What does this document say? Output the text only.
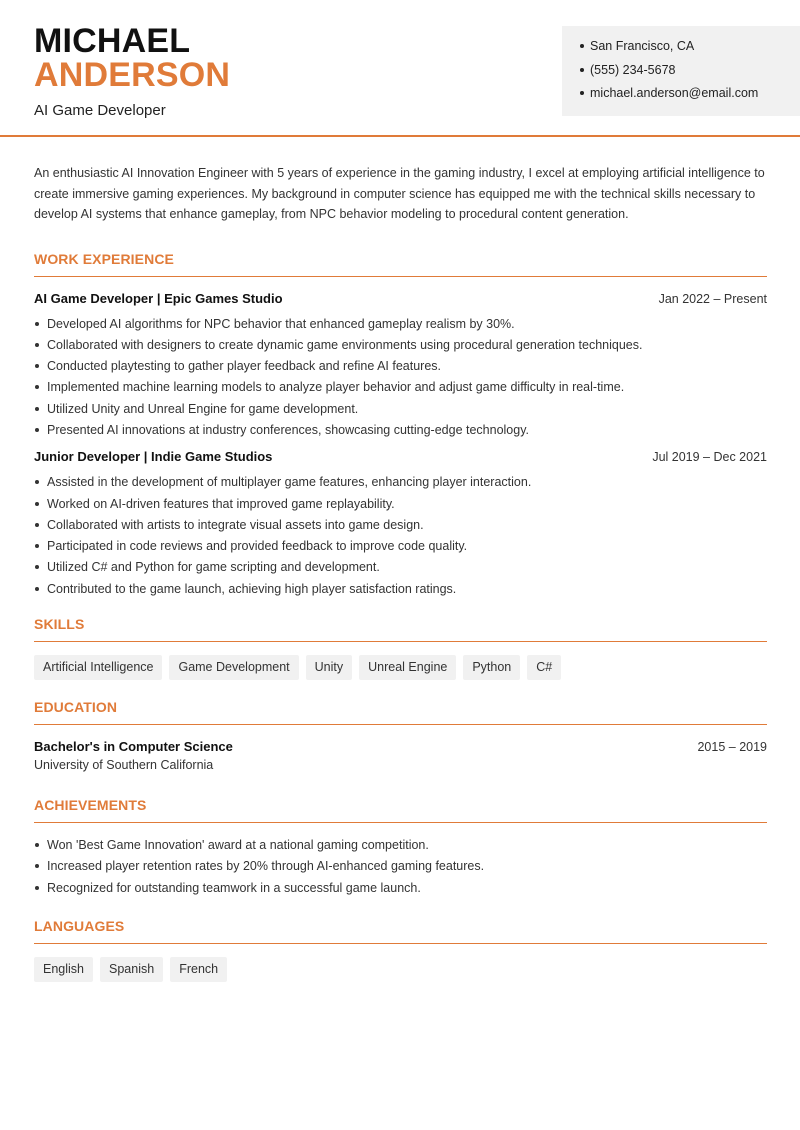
MICHAEL
ANDERSON
AI Game Developer
San Francisco, CA
(555) 234-5678
michael.anderson@email.com

An enthusiastic AI Innovation Engineer with 5 years of experience in the gaming industry, I excel at employing artificial intelligence to create immersive gaming experiences. My background in computer science has equipped me with the technical skills necessary to develop AI systems that enhance gameplay, from NPC behavior modeling to procedural content generation.

WORK EXPERIENCE
AI Game Developer | Epic Games Studio	Jan 2022 – Present
Developed AI algorithms for NPC behavior that enhanced gameplay realism by 30%.
Collaborated with designers to create dynamic game environments using procedural generation techniques.
Conducted playtesting to gather player feedback and refine AI features.
Implemented machine learning models to analyze player behavior and adjust game difficulty in real-time.
Utilized Unity and Unreal Engine for game development.
Presented AI innovations at industry conferences, showcasing cutting-edge technology.
Junior Developer | Indie Game Studios	Jul 2019 – Dec 2021
Assisted in the development of multiplayer game features, enhancing player interaction.
Worked on AI-driven features that improved game replayability.
Collaborated with artists to integrate visual assets into game design.
Participated in code reviews and provided feedback to improve code quality.
Utilized C# and Python for game scripting and development.
Contributed to the game launch, achieving high player satisfaction ratings.
SKILLS
Artificial Intelligence	Game Development	Unity	Unreal Engine	Python	C#
EDUCATION
Bachelor's in Computer Science	2015 – 2019
University of Southern California
ACHIEVEMENTS
Won 'Best Game Innovation' award at a national gaming competition.
Increased player retention rates by 20% through AI-enhanced gaming features.
Recognized for outstanding teamwork in a successful game launch.
LANGUAGES
English	Spanish	French
